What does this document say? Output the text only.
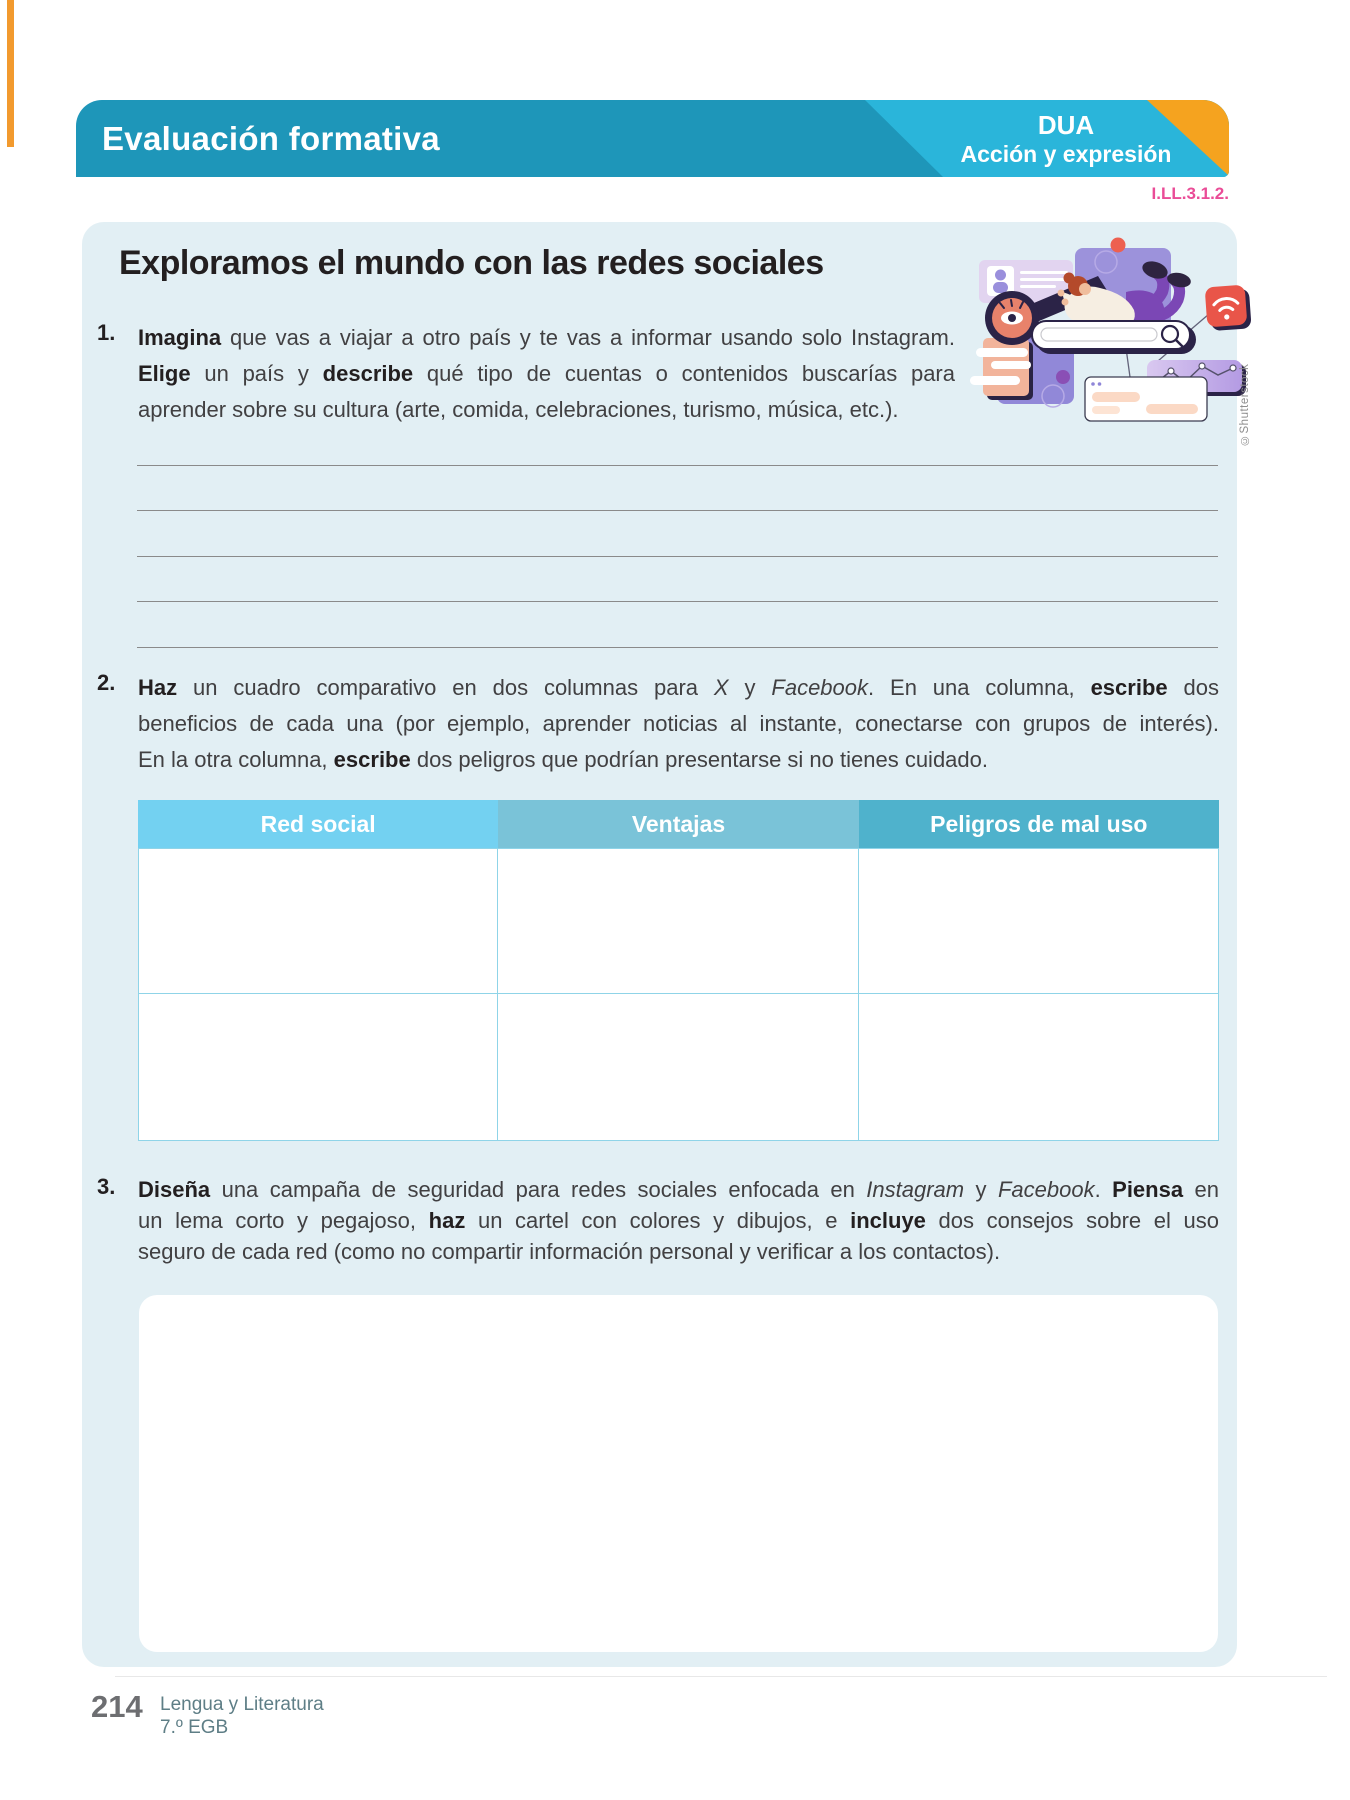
Evaluación formativa	DUA
Acción y expresión
I.LL.3.1.2.
Exploramos el mundo con las redes sociales
1. Imagina que vas a viajar a otro país y te vas a informar usando solo Instagram.
Elige un país y describe qué tipo de cuentas o contenidos buscarías para
aprender sobre su cultura (arte, comida, celebraciones, turismo, música, etc.).
2. Haz un cuadro comparativo en dos columnas para X y Facebook. En una columna, escribe dos
beneficios de cada una (por ejemplo, aprender noticias al instante, conectarse con grupos de interés).
En la otra columna, escribe dos peligros que podrían presentarse si no tienes cuidado.
Red social	Ventajas	Peligros de mal uso
3. Diseña una campaña de seguridad para redes sociales enfocada en Instagram y Facebook. Piensa en
un lema corto y pegajoso, haz un cartel con colores y dibujos, e incluye dos consejos sobre el uso
seguro de cada red (como no compartir información personal y verificar a los contactos).
©Shutterstock
214 Lengua y Literatura
7.º EGB
